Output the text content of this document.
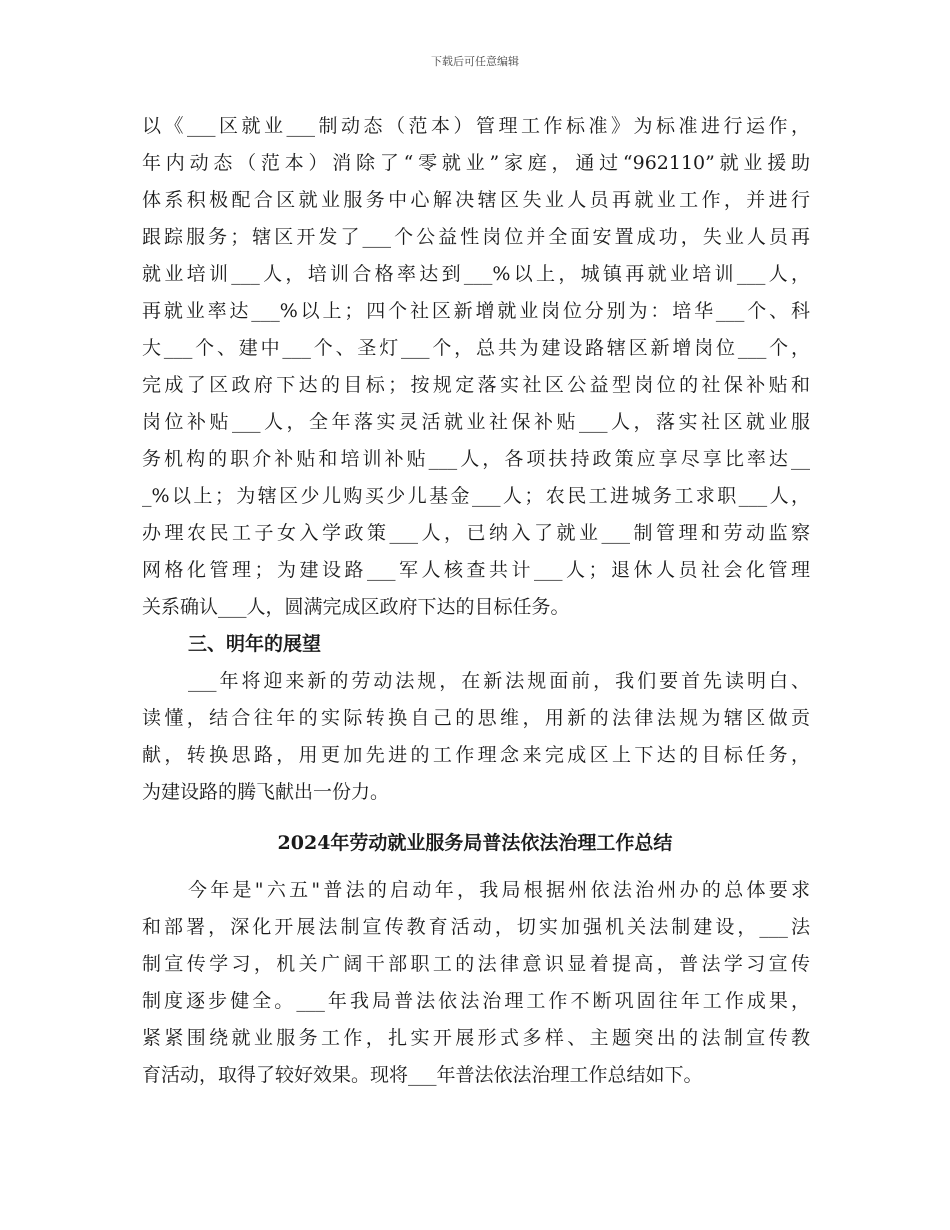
下载后可任意编辑
以《___区就业___制动态（范本）管理工作标准》为标准进行运作，
年内动态（范本）消除了“零就业”家庭，通过“962110”就业援助
体系积极配合区就业服务中心解决辖区失业人员再就业工作，并进行
跟踪服务；辖区开发了___个公益性岗位并全面安置成功，失业人员再
就业培训___人，培训合格率达到___%以上，城镇再就业培训___人，
再就业率达___%以上；四个社区新增就业岗位分别为：培华___个、科
大___个、建中___个、圣灯___个，总共为建设路辖区新增岗位___个，
完成了区政府下达的目标；按规定落实社区公益型岗位的社保补贴和
岗位补贴___人，全年落实灵活就业社保补贴___人，落实社区就业服
务机构的职介补贴和培训补贴___人，各项扶持政策应享尽享比率达__
_%以上；为辖区少儿购买少儿基金___人；农民工进城务工求职___人，
办理农民工子女入学政策___人，已纳入了就业___制管理和劳动监察
网格化管理；为建设路___军人核查共计___人；退休人员社会化管理
关系确认___人，圆满完成区政府下达的目标任务。
三、明年的展望
___年将迎来新的劳动法规，在新法规面前，我们要首先读明白、
读懂，结合往年的实际转换自己的思维，用新的法律法规为辖区做贡
献，转换思路，用更加先进的工作理念来完成区上下达的目标任务，
为建设路的腾飞献出一份力。
2024年劳动就业服务局普法依法治理工作总结
今年是"六五"普法的启动年，我局根据州依法治州办的总体要求
和部署，深化开展法制宣传教育活动，切实加强机关法制建设，___法
制宣传学习，机关广阔干部职工的法律意识显着提高，普法学习宣传
制度逐步健全。___年我局普法依法治理工作不断巩固往年工作成果，
紧紧围绕就业服务工作，扎实开展形式多样、主题突出的法制宣传教
育活动，取得了较好效果。现将___年普法依法治理工作总结如下。
